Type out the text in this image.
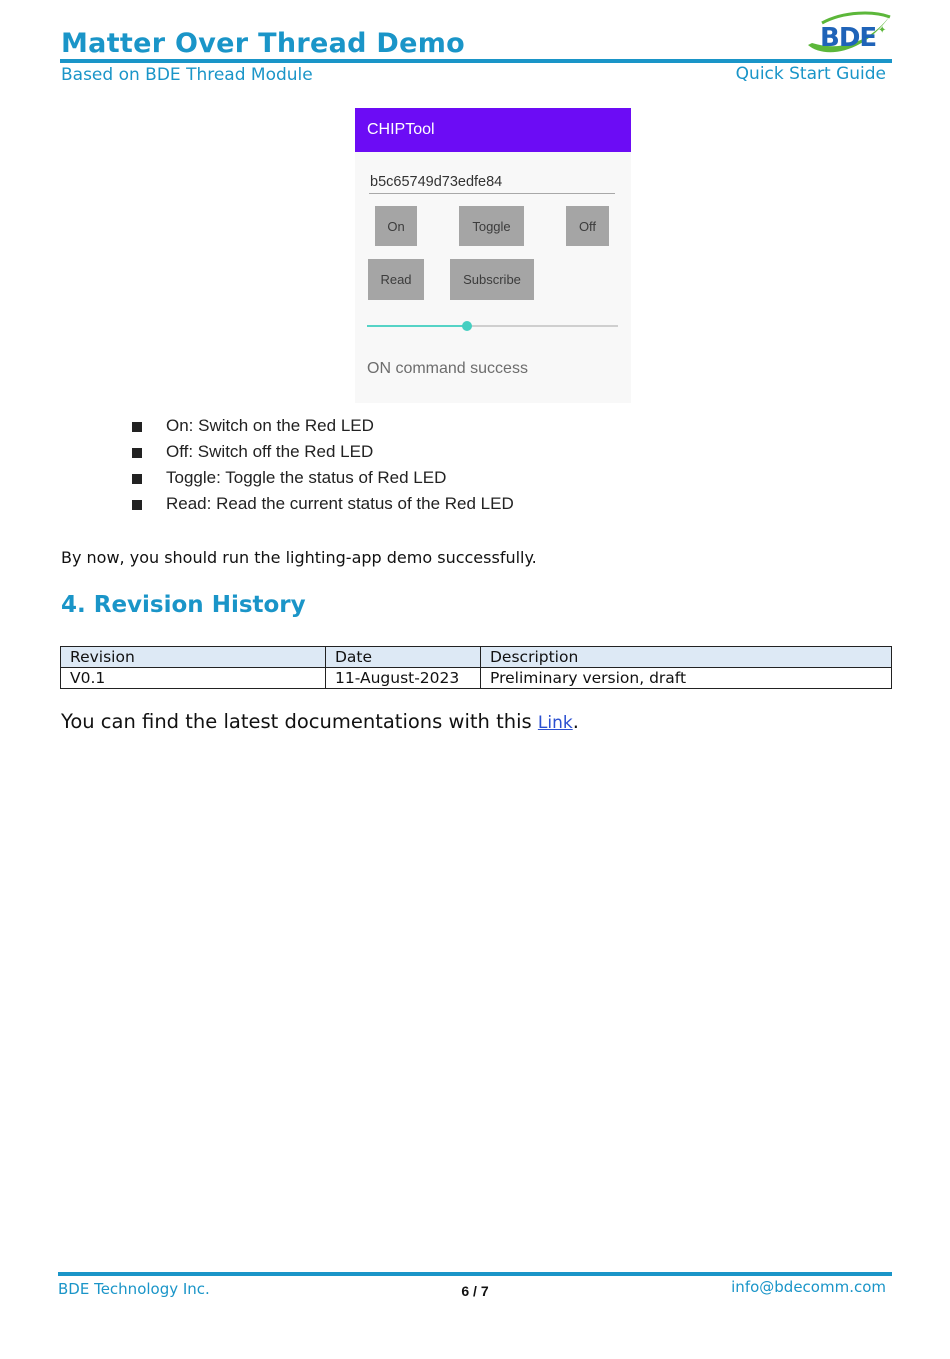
Matter Over Thread Demo	BDE ✦
Based on BDE Thread Module	Quick Start Guide
CHIPTool
b5c65749d73edfe84
On	Toggle	Off
Read	Subscribe
ON command success
On: Switch on the Red LED
Off: Switch off the Red LED
Toggle: Toggle the status of Red LED
Read: Read the current status of the Red LED
By now, you should run the lighting-app demo successfully.
4. Revision History
Revision	Date	Description
V0.1	11-August-2023	Preliminary version, draft
You can find the latest documentations with this Link.
BDE Technology Inc.	6 / 7	info@bdecomm.com
